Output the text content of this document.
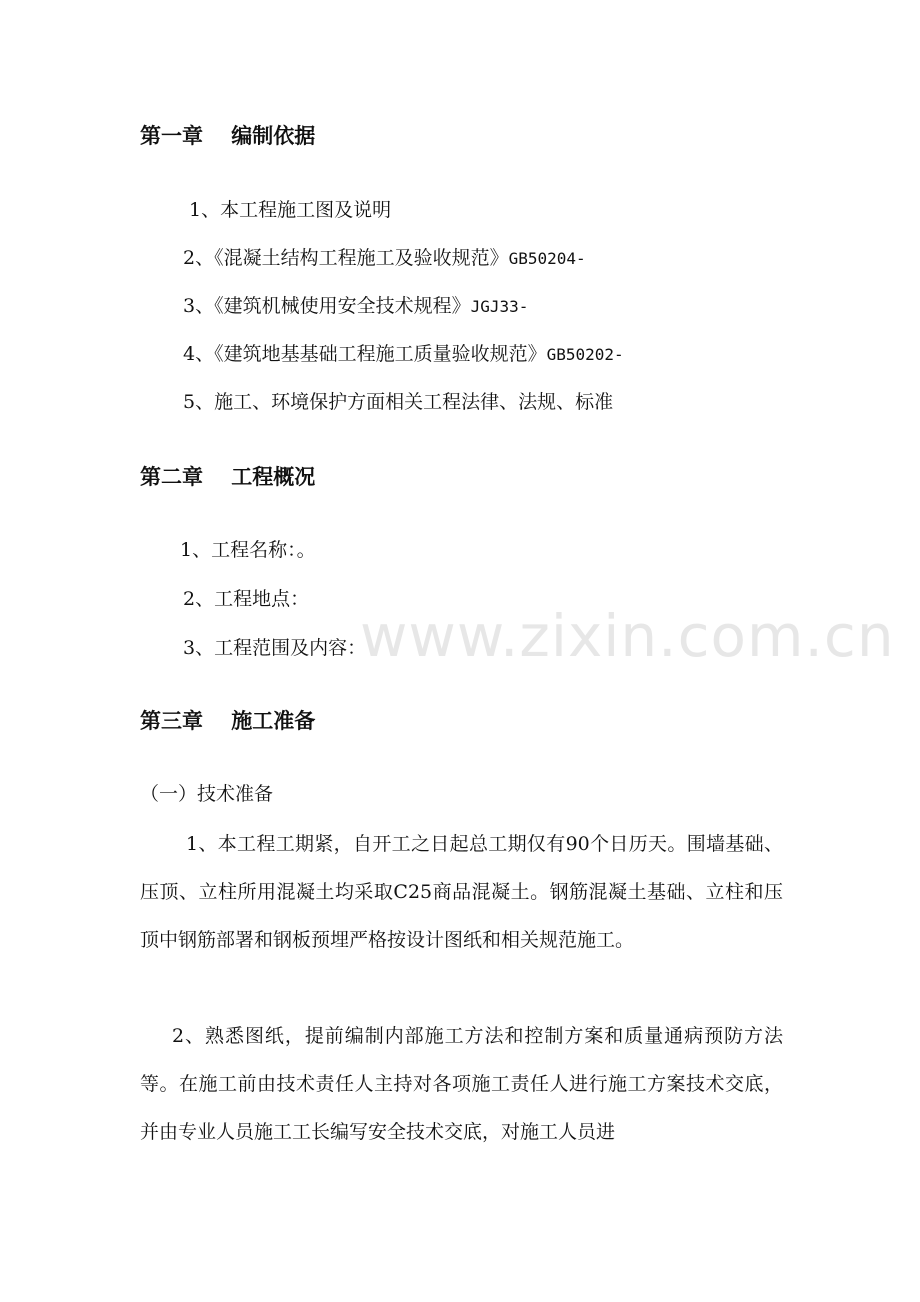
www.zixin.com.cn
第一章　 编制依据
1、本工程施工图及说明
2、《混凝土结构工程施工及验收规范》GB50204-
3、《建筑机械使用安全技术规程》JGJ33-
4、《建筑地基基础工程施工质量验收规范》GB50202-
5、施工、环境保护方面相关工程法律、法规、标准
第二章　 工程概况
1、工程名称：。
2、工程地点：
3、工程范围及内容：
第三章　 施工准备
（一）技术准备
1、本工程工期紧，自开工之日起总工期仅有90个日历天。围墙基础、压顶、立柱所用混凝土均采取C25商品混凝土。钢筋混凝土基础、立柱和压顶中钢筋部署和钢板预埋严格按设计图纸和相关规范施工。
2、熟悉图纸，提前编制内部施工方法和控制方案和质量通病预防方法等。在施工前由技术责任人主持对各项施工责任人进行施工方案技术交底，并由专业人员施工工长编写安全技术交底，对施工人员进
